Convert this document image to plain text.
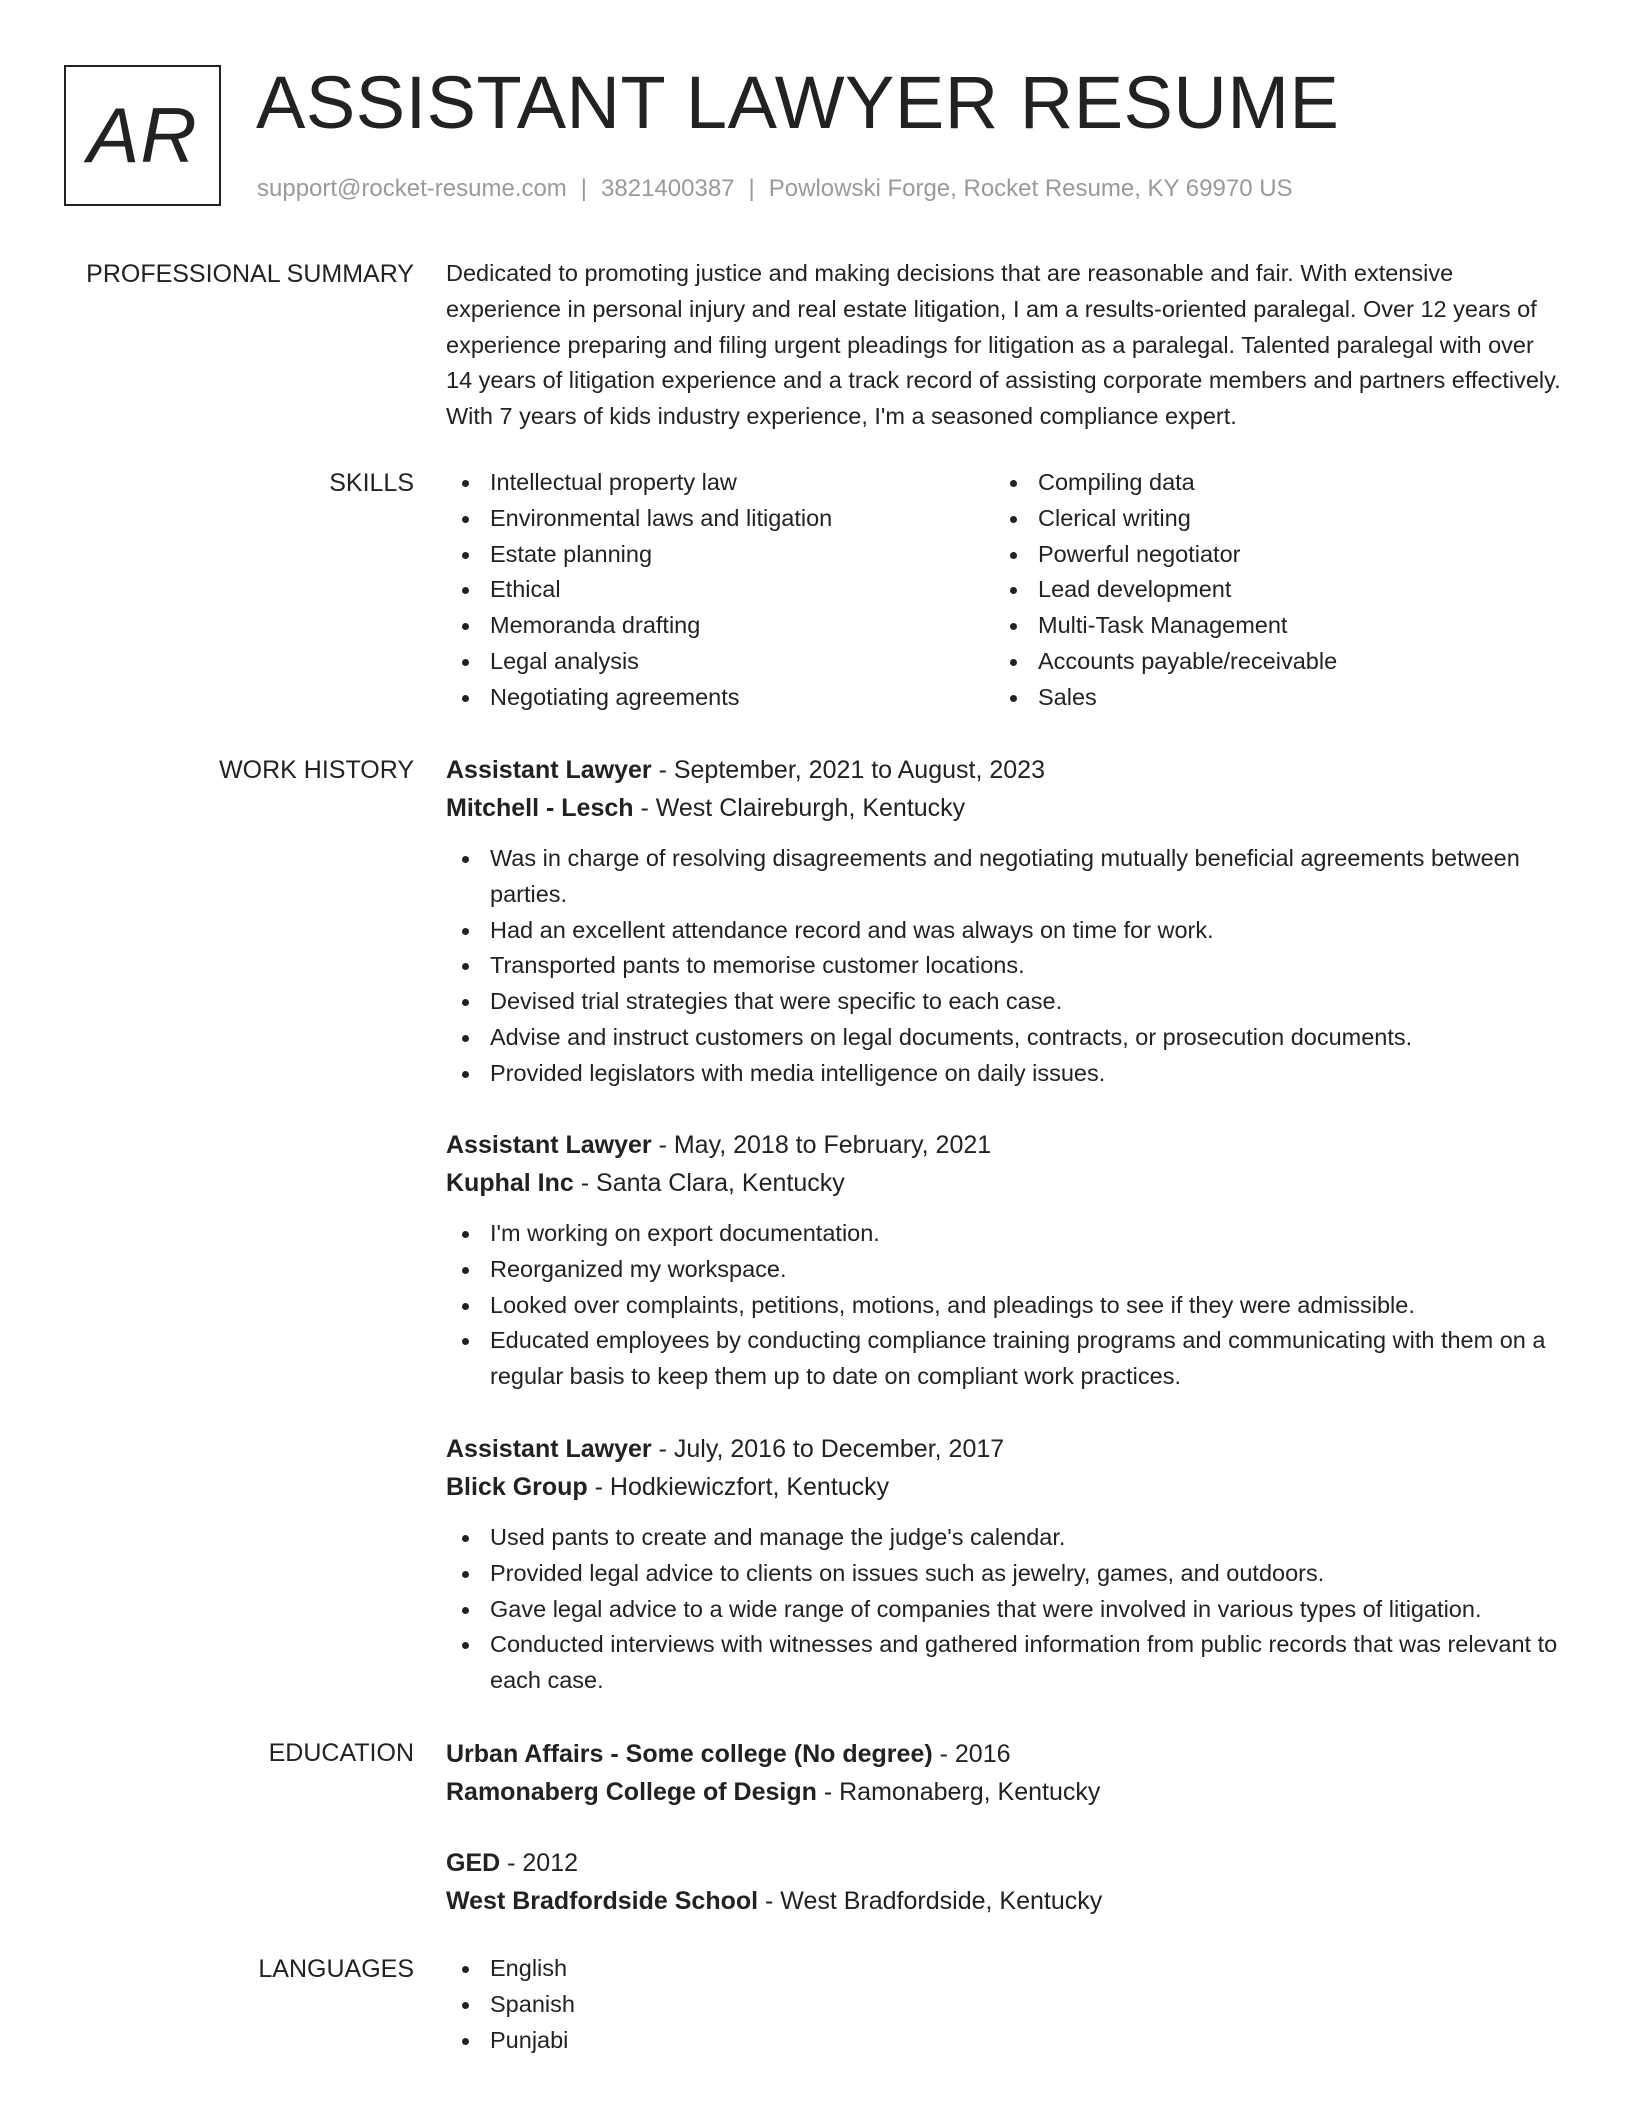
AR ASSISTANT LAWYER RESUME
support@rocket-resume.com | 3821400387 | Powlowski Forge, Rocket Resume, KY 69970 US
PROFESSIONAL SUMMARY Dedicated to promoting justice and making decisions that are reasonable and fair. With extensive experience in personal injury and real estate litigation, I am a results-oriented paralegal. Over 12 years of experience preparing and filing urgent pleadings for litigation as a paralegal. Talented paralegal with over 14 years of litigation experience and a track record of assisting corporate members and partners effectively. With 7 years of kids industry experience, I'm a seasoned compliance expert.

SKILLS	Intellectual property law
Environmental laws and litigation
Estate planning
Ethical
Memoranda drafting
Legal analysis
Negotiating agreements
Compiling data
Clerical writing
Powerful negotiator
Lead development
Multi-Task Management
Accounts payable/receivable
Sales
WORK HISTORY Assistant Lawyer - September, 2021 to August, 2023
Mitchell - Lesch - West Claireburgh, Kentucky
Was in charge of resolving disagreements and negotiating mutually beneficial agreements between parties.
Had an excellent attendance record and was always on time for work.
Transported pants to memorise customer locations.
Devised trial strategies that were specific to each case.
Advise and instruct customers on legal documents, contracts, or prosecution documents.
Provided legislators with media intelligence on daily issues.
Assistant Lawyer - May, 2018 to February, 2021
Kuphal Inc - Santa Clara, Kentucky
I'm working on export documentation.
Reorganized my workspace.
Looked over complaints, petitions, motions, and pleadings to see if they were admissible.
Educated employees by conducting compliance training programs and communicating with them on a regular basis to keep them up to date on compliant work practices.
Assistant Lawyer - July, 2016 to December, 2017
Blick Group - Hodkiewiczfort, Kentucky
Used pants to create and manage the judge's calendar.
Provided legal advice to clients on issues such as jewelry, games, and outdoors.
Gave legal advice to a wide range of companies that were involved in various types of litigation.
Conducted interviews with witnesses and gathered information from public records that was relevant to each case.
EDUCATION Urban Affairs - Some college (No degree) - 2016
Ramonaberg College of Design - Ramonaberg, Kentucky
GED - 2012
West Bradfordside School - West Bradfordside, Kentucky
LANGUAGES	English
Spanish
Punjabi
